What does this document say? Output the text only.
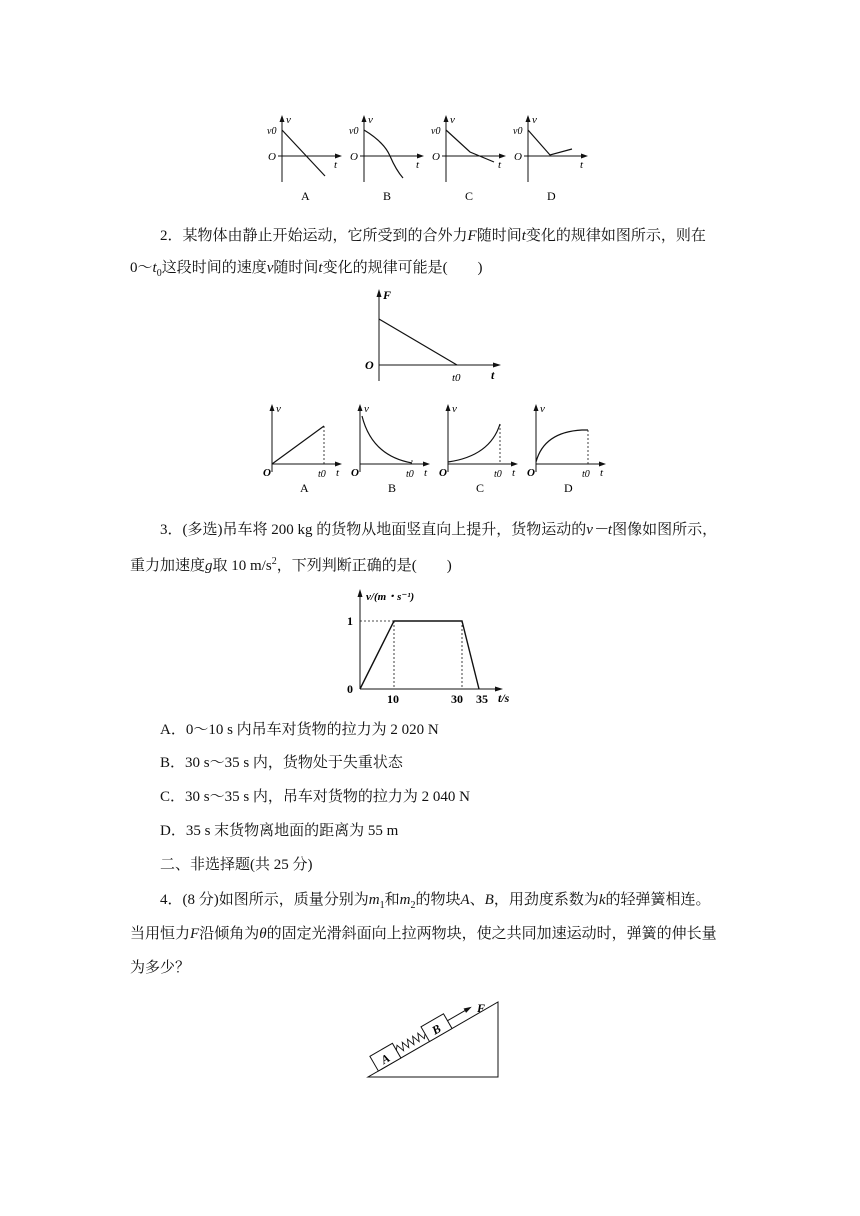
v
v0
O
t
A
v
v0
O
t
B
v
v0
O
t
C
v
v0
O
t
D
2．某物体由静止开始运动，它所受到的合外力F随时间t变化的规律如图所示，则在
$0\sim t_0$这段时间的速度v随时间t变化的规律可能是(　　)
F
O
t0	t
v
O	t0 t
A
v
O	t0 t
B
v
O	t0 t
C
v
O	t0 t
D
3．(多选)吊车将 200 kg 的货物从地面竖直向上提升，货物运动的v－t图像如图所示，
重力加速度g取 10 $m/s^2$，下列判断正确的是(　　)
10	30 35
1
0
v/(m・s⁻¹)
t/s
A．0～10 s 内吊车对货物的拉力为 2 020 N
B．30 s～35 s 内，货物处于失重状态
C．30 s～35 s 内，吊车对货物的拉力为 2 040 N
D．35 s 末货物离地面的距离为 55 m
二、非选择题(共 25 分)
4．(8 分)如图所示，质量分别为$m_1$和$m_2$的物块A、B，用劲度系数为k的轻弹簧相连。
当用恒力F沿倾角为θ的固定光滑斜面向上拉两物块，使之共同加速运动时，弹簧的伸长量
为多少？
A
B
F
